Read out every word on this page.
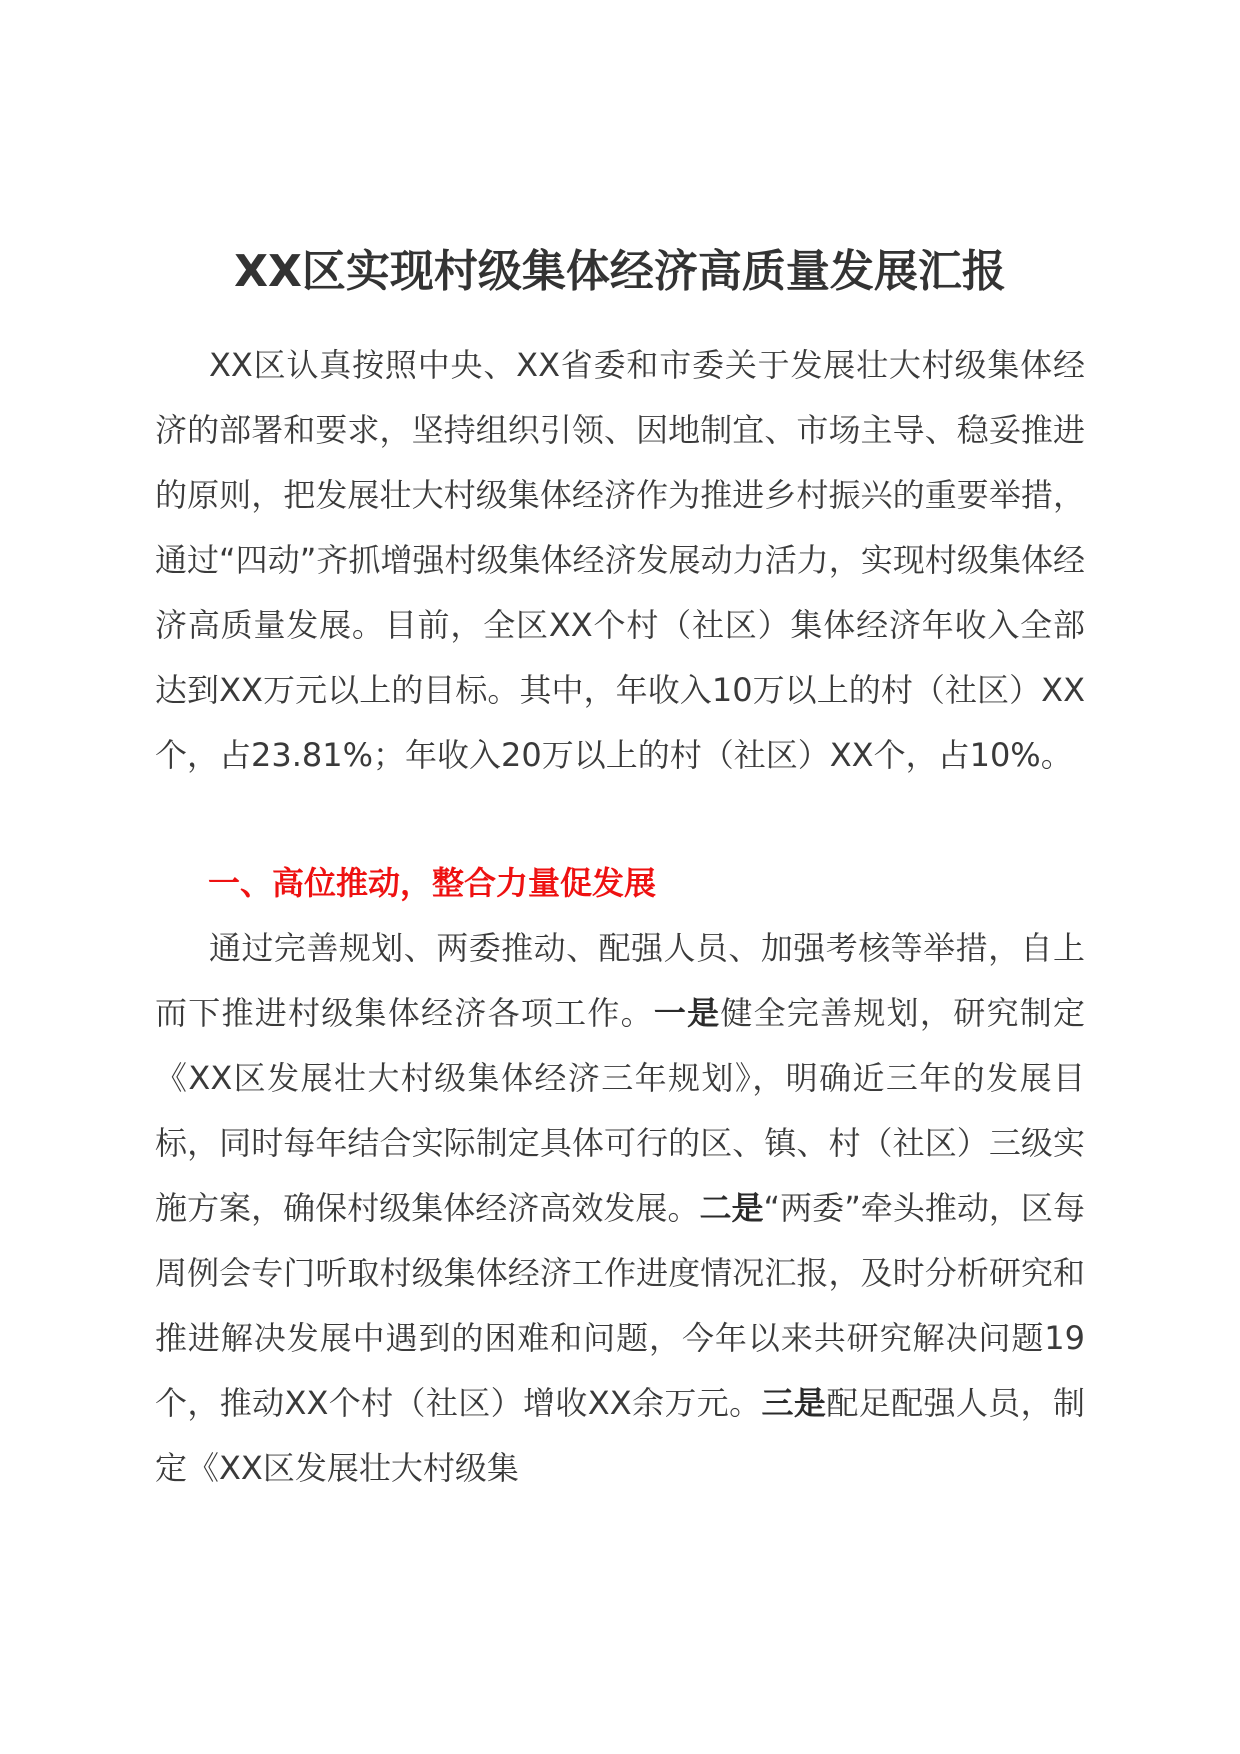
XX区实现村级集体经济高质量发展汇报

XX区认真按照中央、XX省委和市委关于发展壮大村级集体经济的部署和要求，坚持组织引领、因地制宜、市场主导、稳妥推进的原则，把发展壮大村级集体经济作为推进乡村振兴的重要举措，通过“四动”齐抓增强村级集体经济发展动力活力，实现村级集体经济高质量发展。目前，全区XX个村（社区）集体经济年收入全部达到XX万元以上的目标。其中，年收入10万以上的村（社区）XX个，占23.81%；年收入20万以上的村（社区）XX个，占10%。

一、高位推动，整合力量促发展

通过完善规划、两委推动、配强人员、加强考核等举措，自上而下推进村级集体经济各项工作。一是健全完善规划，研究制定《XX区发展壮大村级集体经济三年规划》，明确近三年的发展目标，同时每年结合实际制定具体可行的区、镇、村（社区）三级实施方案，确保村级集体经济高效发展。二是“两委”牵头推动，区每周例会专门听取村级集体经济工作进度情况汇报，及时分析研究和推进解决发展中遇到的困难和问题，今年以来共研究解决问题19个，推动XX个村（社区）增收XX余万元。三是配足配强人员，制定《XX区发展壮大村级集
